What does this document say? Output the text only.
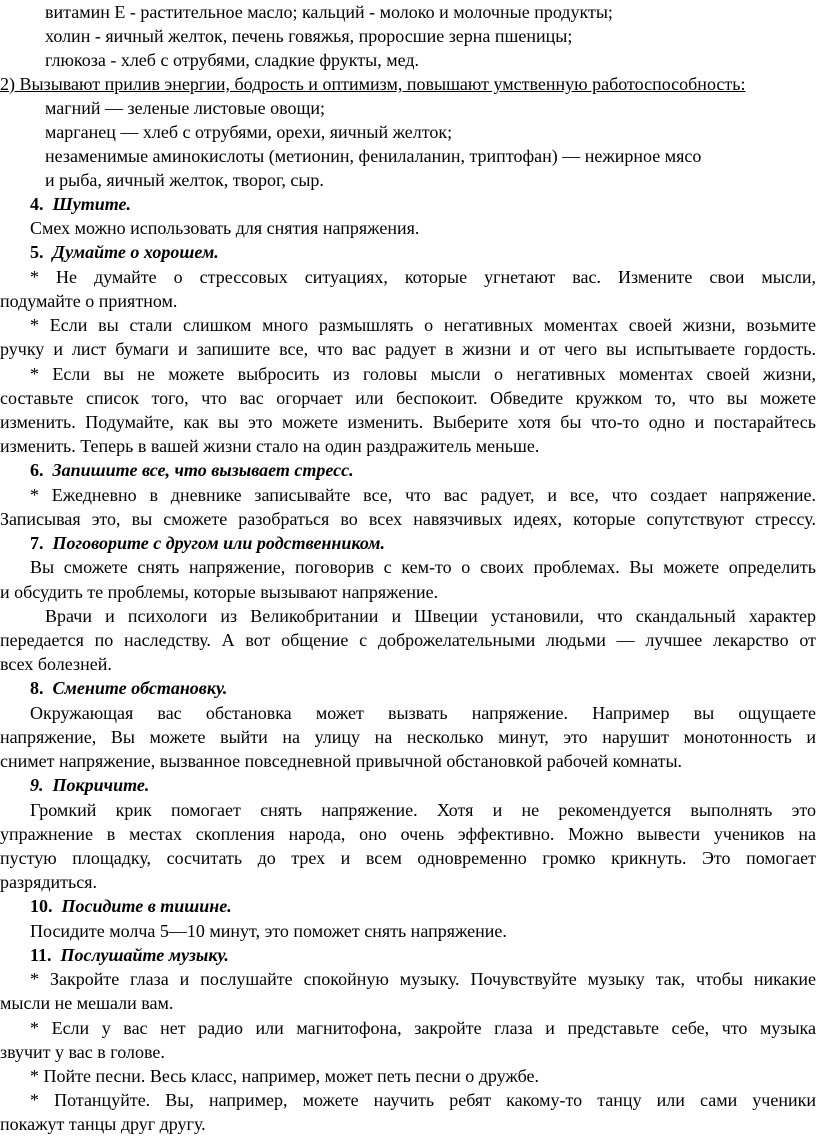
витамин Е - растительное масло; кальций - молоко и молочные продукты;
холин - яичный желток, печень говяжья, проросшие зерна пшеницы;
глюкоза - хлеб с отрубями, сладкие фрукты, мед.
2) Вызывают прилив энергии, бодрость и оптимизм, повышают умственную работоспособность:
магний — зеленые листовые овощи;
марганец — хлеб с отрубями, орехи, яичный желток;
незаменимые аминокислоты (метионин, фенилаланин, триптофан) — нежирное мясо
и рыба, яичный желток, творог, сыр.
4. Шутите.
Смех можно использовать для снятия напряжения.
5. Думайте о хорошем.
* Не думайте о стрессовых ситуациях, которые угнетают вас. Измените свои мысли,
подумайте о приятном.
* Если вы стали слишком много размышлять о негативных моментах своей жизни, возьмите
ручку и лист бумаги и запишите все, что вас радует в жизни и от чего вы испытываете гордость.
* Если вы не можете выбросить из головы мысли о негативных моментах своей жизни,
составьте список того, что вас огорчает или беспокоит. Обведите кружком то, что вы можете
изменить. Подумайте, как вы это можете изменить. Выберите хотя бы что-то одно и постарайтесь
изменить. Теперь в вашей жизни стало на один раздражитель меньше.
6. Запишите все, что вызывает стресс.
* Ежедневно в дневнике записывайте все, что вас радует, и все, что создает напряжение.
Записывая это, вы сможете разобраться во всех навязчивых идеях, которые сопутствуют стрессу.
7. Поговорите с другом или родственником.
Вы сможете снять напряжение, поговорив с кем-то о своих проблемах. Вы можете определить
и обсудить те проблемы, которые вызывают напряжение.
Врачи и психологи из Великобритании и Швеции установили, что скандальный характер
передается по наследству. А вот общение с доброжелательными людьми — лучшее лекарство от
всех болезней.
8. Смените обстановку.
Окружающая вас обстановка может вызвать напряжение. Например вы ощущаете
напряжение, Вы можете выйти на улицу на несколько минут, это нарушит монотонность и
снимет напряжение, вызванное повседневной привычной обстановкой рабочей комнаты.
9. Покричите.
Громкий крик помогает снять напряжение. Хотя и не рекомендуется выполнять это
упражнение в местах скопления народа, оно очень эффективно. Можно вывести учеников на
пустую площадку, сосчитать до трех и всем одновременно громко крикнуть. Это помогает
разрядиться.
10. Посидите в тишине.
Посидите молча 5—10 минут, это поможет снять напряжение.
11. Послушайте музыку.
* Закройте глаза и послушайте спокойную музыку. Почувствуйте музыку так, чтобы никакие
мысли не мешали вам.
* Если у вас нет радио или магнитофона, закройте глаза и представьте себе, что музыка
звучит у вас в голове.
* Пойте песни. Весь класс, например, может петь песни о дружбе.
* Потанцуйте. Вы, например, можете научить ребят какому-то танцу или сами ученики
покажут танцы друг другу.
